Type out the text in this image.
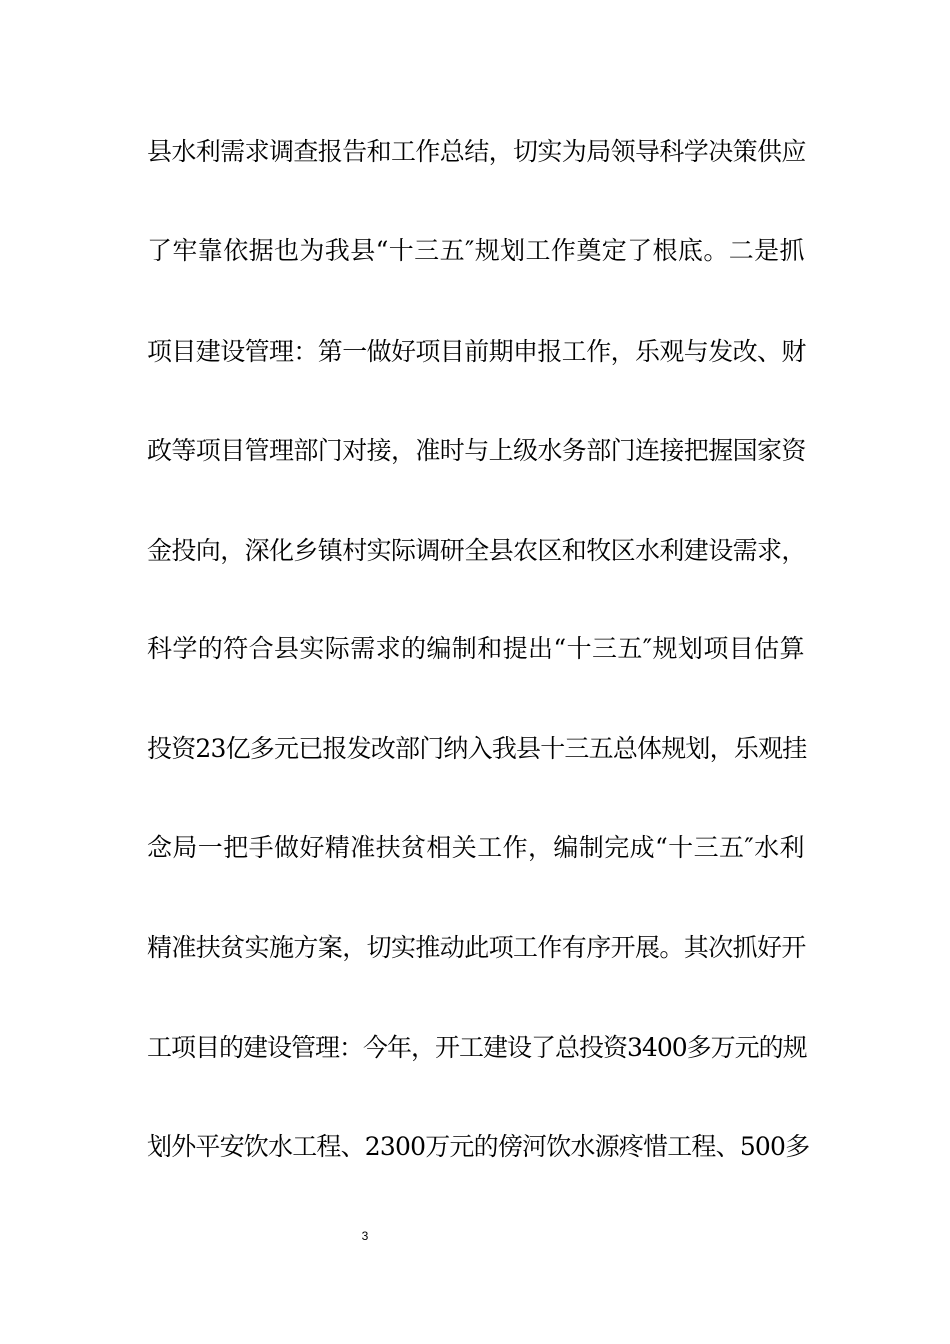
县水利需求调查报告和工作总结，切实为局领导科学决策供应
了牢靠依据也为我县“十三五″规划工作奠定了根底。二是抓
项目建设管理：第一做好项目前期申报工作，乐观与发改、财
政等项目管理部门对接，准时与上级水务部门连接把握国家资
金投向，深化乡镇村实际调研全县农区和牧区水利建设需求，
科学的符合县实际需求的编制和提出“十三五″规划项目估算
投资23亿多元已报发改部门纳入我县十三五总体规划，乐观挂
念局一把手做好精准扶贫相关工作，编制完成“十三五″水利
精准扶贫实施方案，切实推动此项工作有序开展。其次抓好开
工项目的建设管理：今年，开工建设了总投资3400多万元的规
划外平安饮水工程、2300万元的傍河饮水源疼惜工程、500多
3
